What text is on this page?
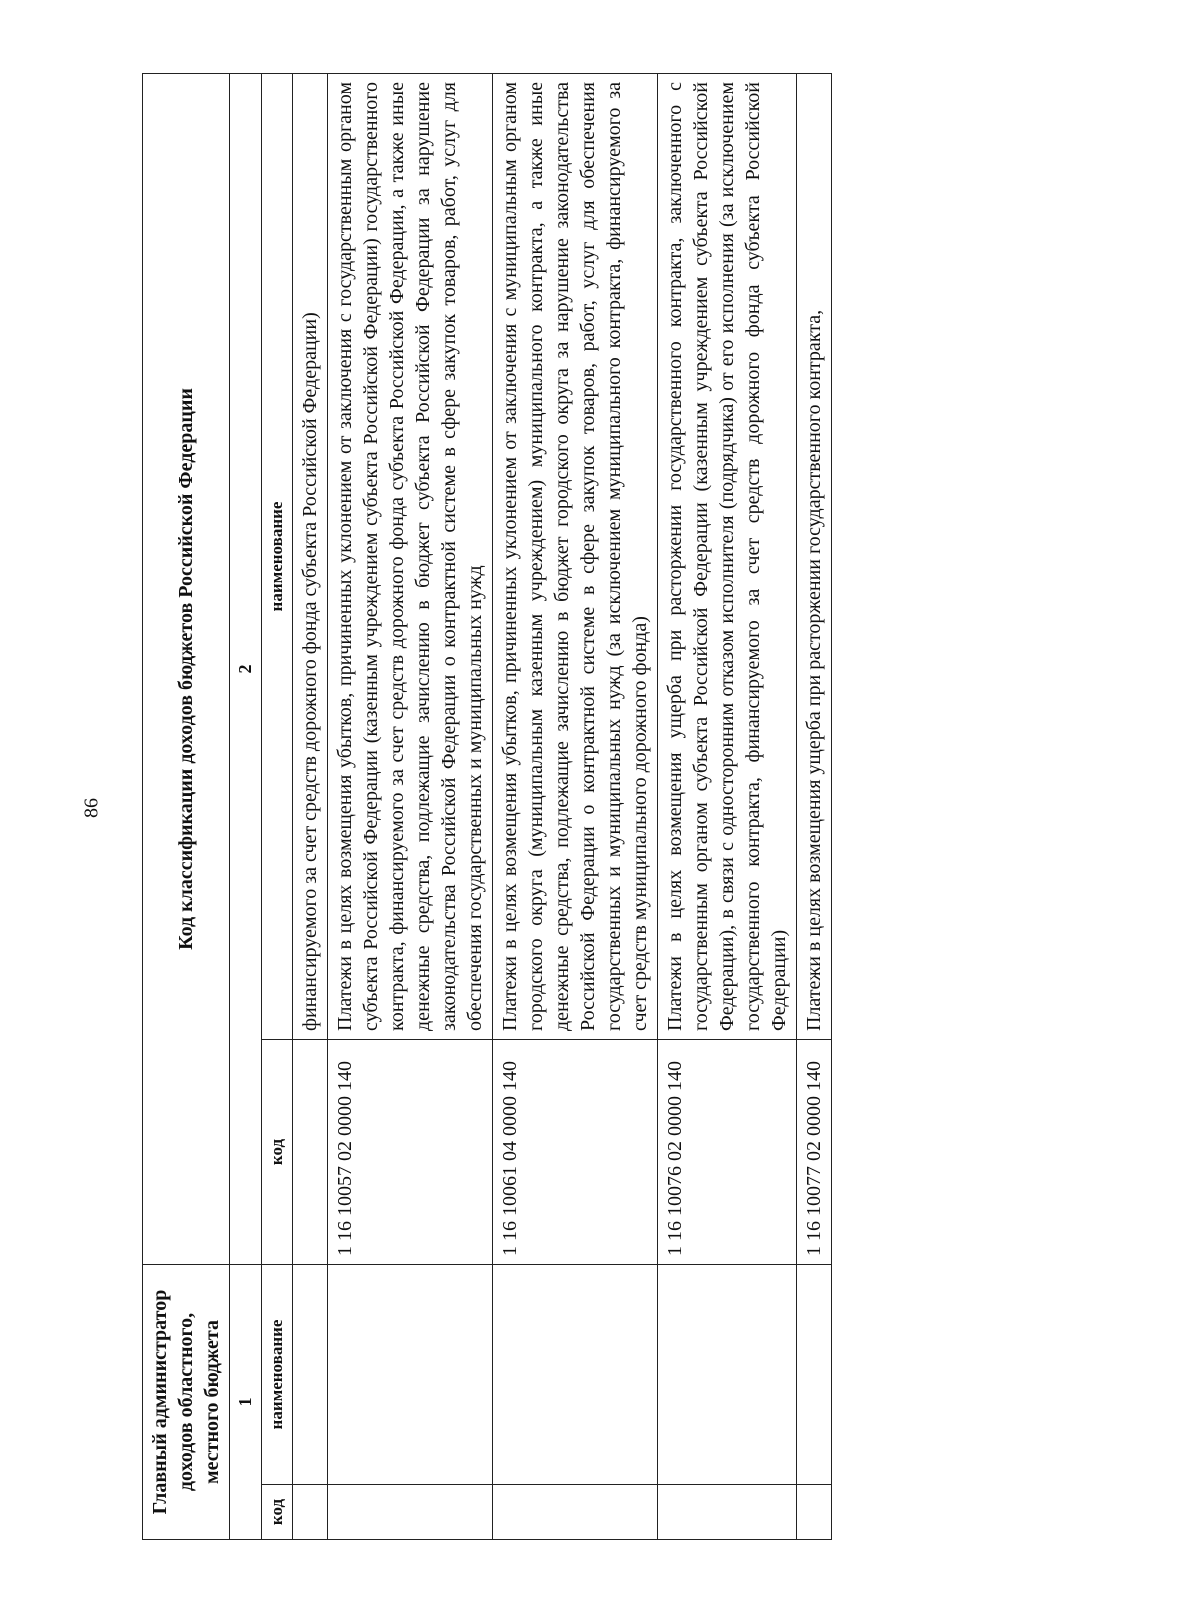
86
Главный администратор доходов областного, местного бюджета		Код классификации доходов бюджетов Российской Федерации	
1		2	
код	наименование	код	наименование
			финансируемого за счет средств дорожного фонда субъекта Российской Федерации)
		1 16 10057 02 0000 140	Платежи в целях возмещения убытков, причиненных уклонением от заключения с государственным органом субъекта Российской Федерации (казенным учреждением субъекта Российской Федерации) государственного контракта, финансируемого за счет средств дорожного фонда субъекта Российской Федерации, а также иные денежные средства, подлежащие зачислению в бюджет субъекта Российской Федерации за нарушение законодательства Российской Федерации о контрактной системе в сфере закупок товаров, работ, услуг для обеспечения государственных и муниципальных нужд
		1 16 10061 04 0000 140	Платежи в целях возмещения убытков, причиненных уклонением от заключения с муниципальным органом городского округа (муниципальным казенным учреждением) муниципального контракта, а также иные денежные средства, подлежащие зачислению в бюджет городского округа за нарушение законодательства Российской Федерации о контрактной системе в сфере закупок товаров, работ, услуг для обеспечения государственных и муниципальных нужд (за исключением муниципального контракта, финансируемого за счет средств муниципального дорожного фонда)
		1 16 10076 02 0000 140	Платежи в целях возмещения ущерба при расторжении государственного контракта, заключенного с государственным органом субъекта Российской Федерации (казенным учреждением субъекта Российской Федерации), в связи с односторонним отказом исполнителя (подрядчика) от его исполнения (за исключением государственного контракта, финансируемого за счет средств дорожного фонда субъекта Российской Федерации)
		1 16 10077 02 0000 140	Платежи в целях возмещения ущерба при расторжении государственного контракта,
